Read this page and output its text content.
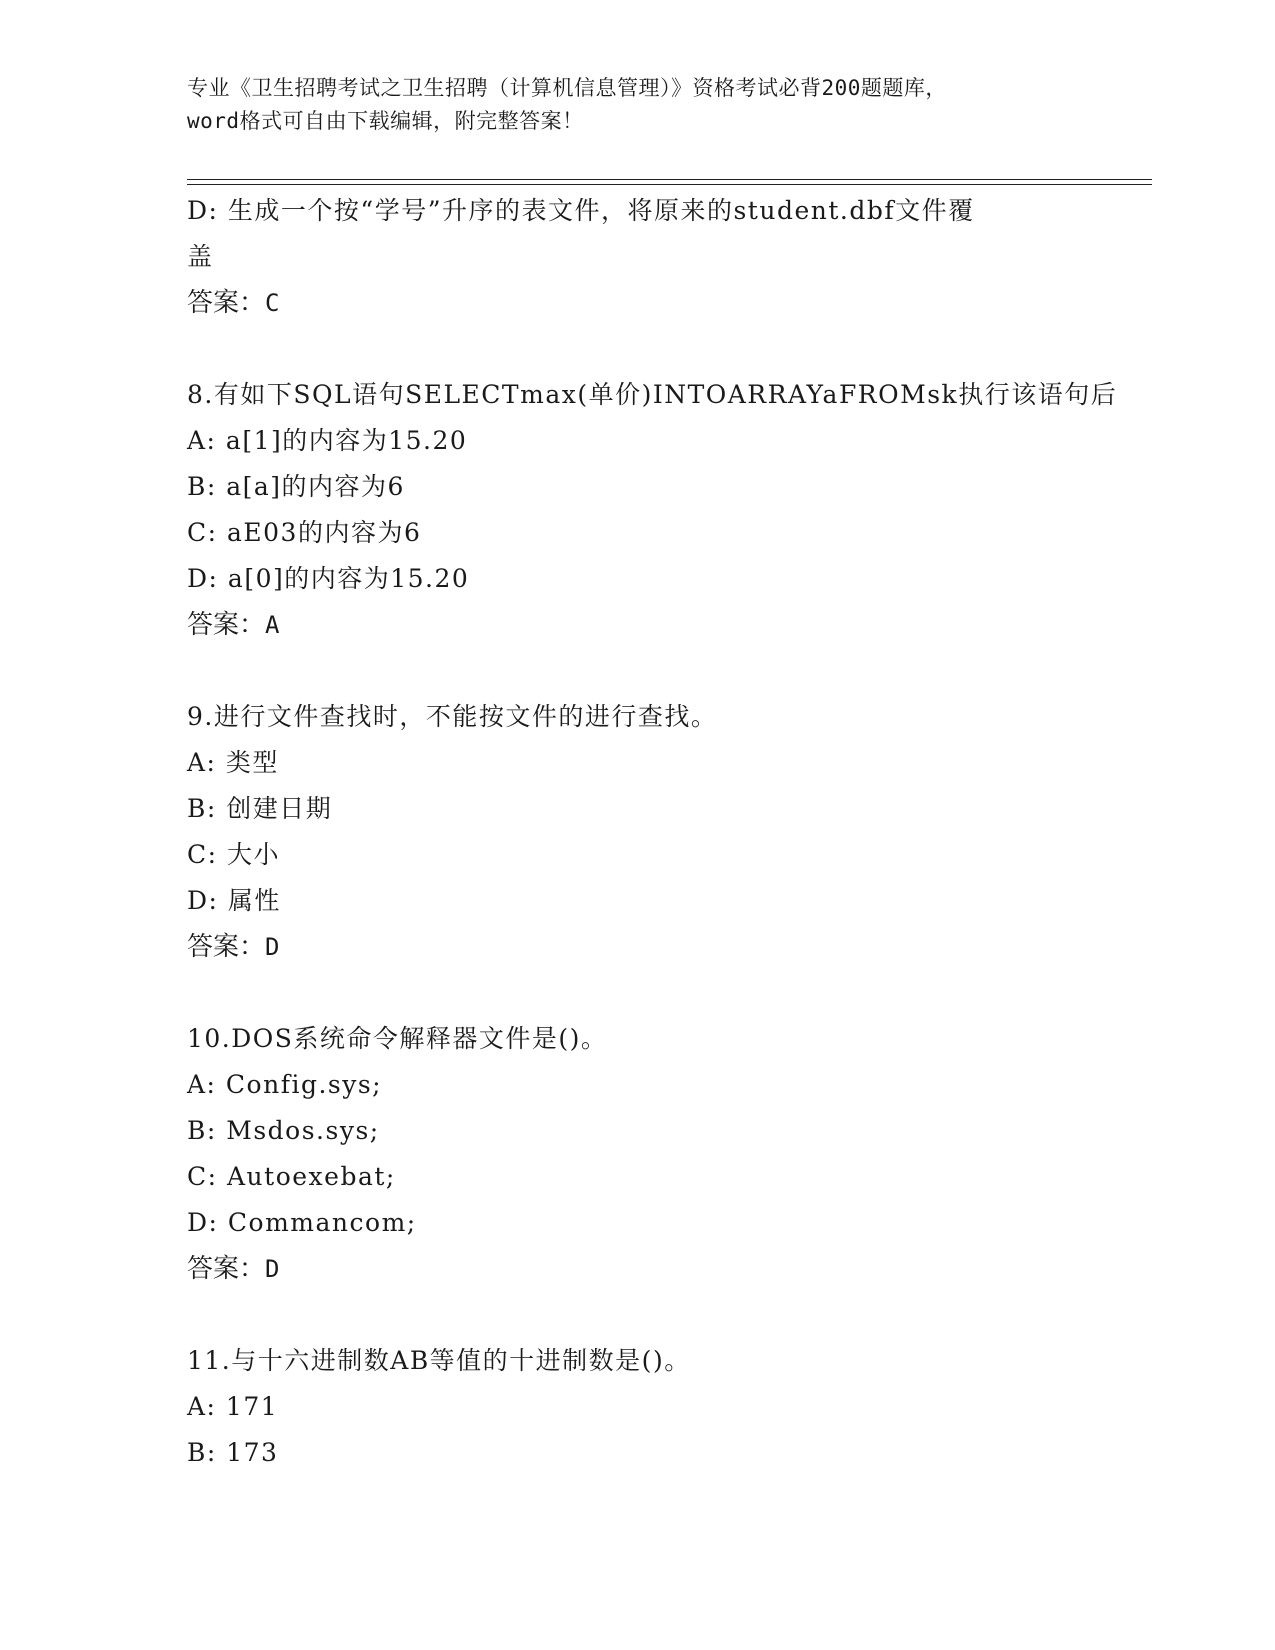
专业《卫生招聘考试之卫生招聘（计算机信息管理）》资格考试必背200题题库，
word格式可自由下载编辑，附完整答案！
D: 生成一个按“学号”升序的表文件，将原来的student.dbf文件覆
盖
答案：C
8.有如下SQL语句SELECTmax(单价)INTOARRAYaFROMsk执行该语句后
A: a[1]的内容为15.20
B: a[a]的内容为6
C: aE03的内容为6
D: a[0]的内容为15.20
答案：A
9.进行文件查找时，不能按文件的进行查找。
A: 类型
B: 创建日期
C: 大小
D: 属性
答案：D
10.DOS系统命令解释器文件是()。
A: Config.sys;
B: Msdos.sys;
C: Autoexebat;
D: Commancom;
答案：D
11.与十六进制数AB等值的十进制数是()。
A: 171
B: 173
